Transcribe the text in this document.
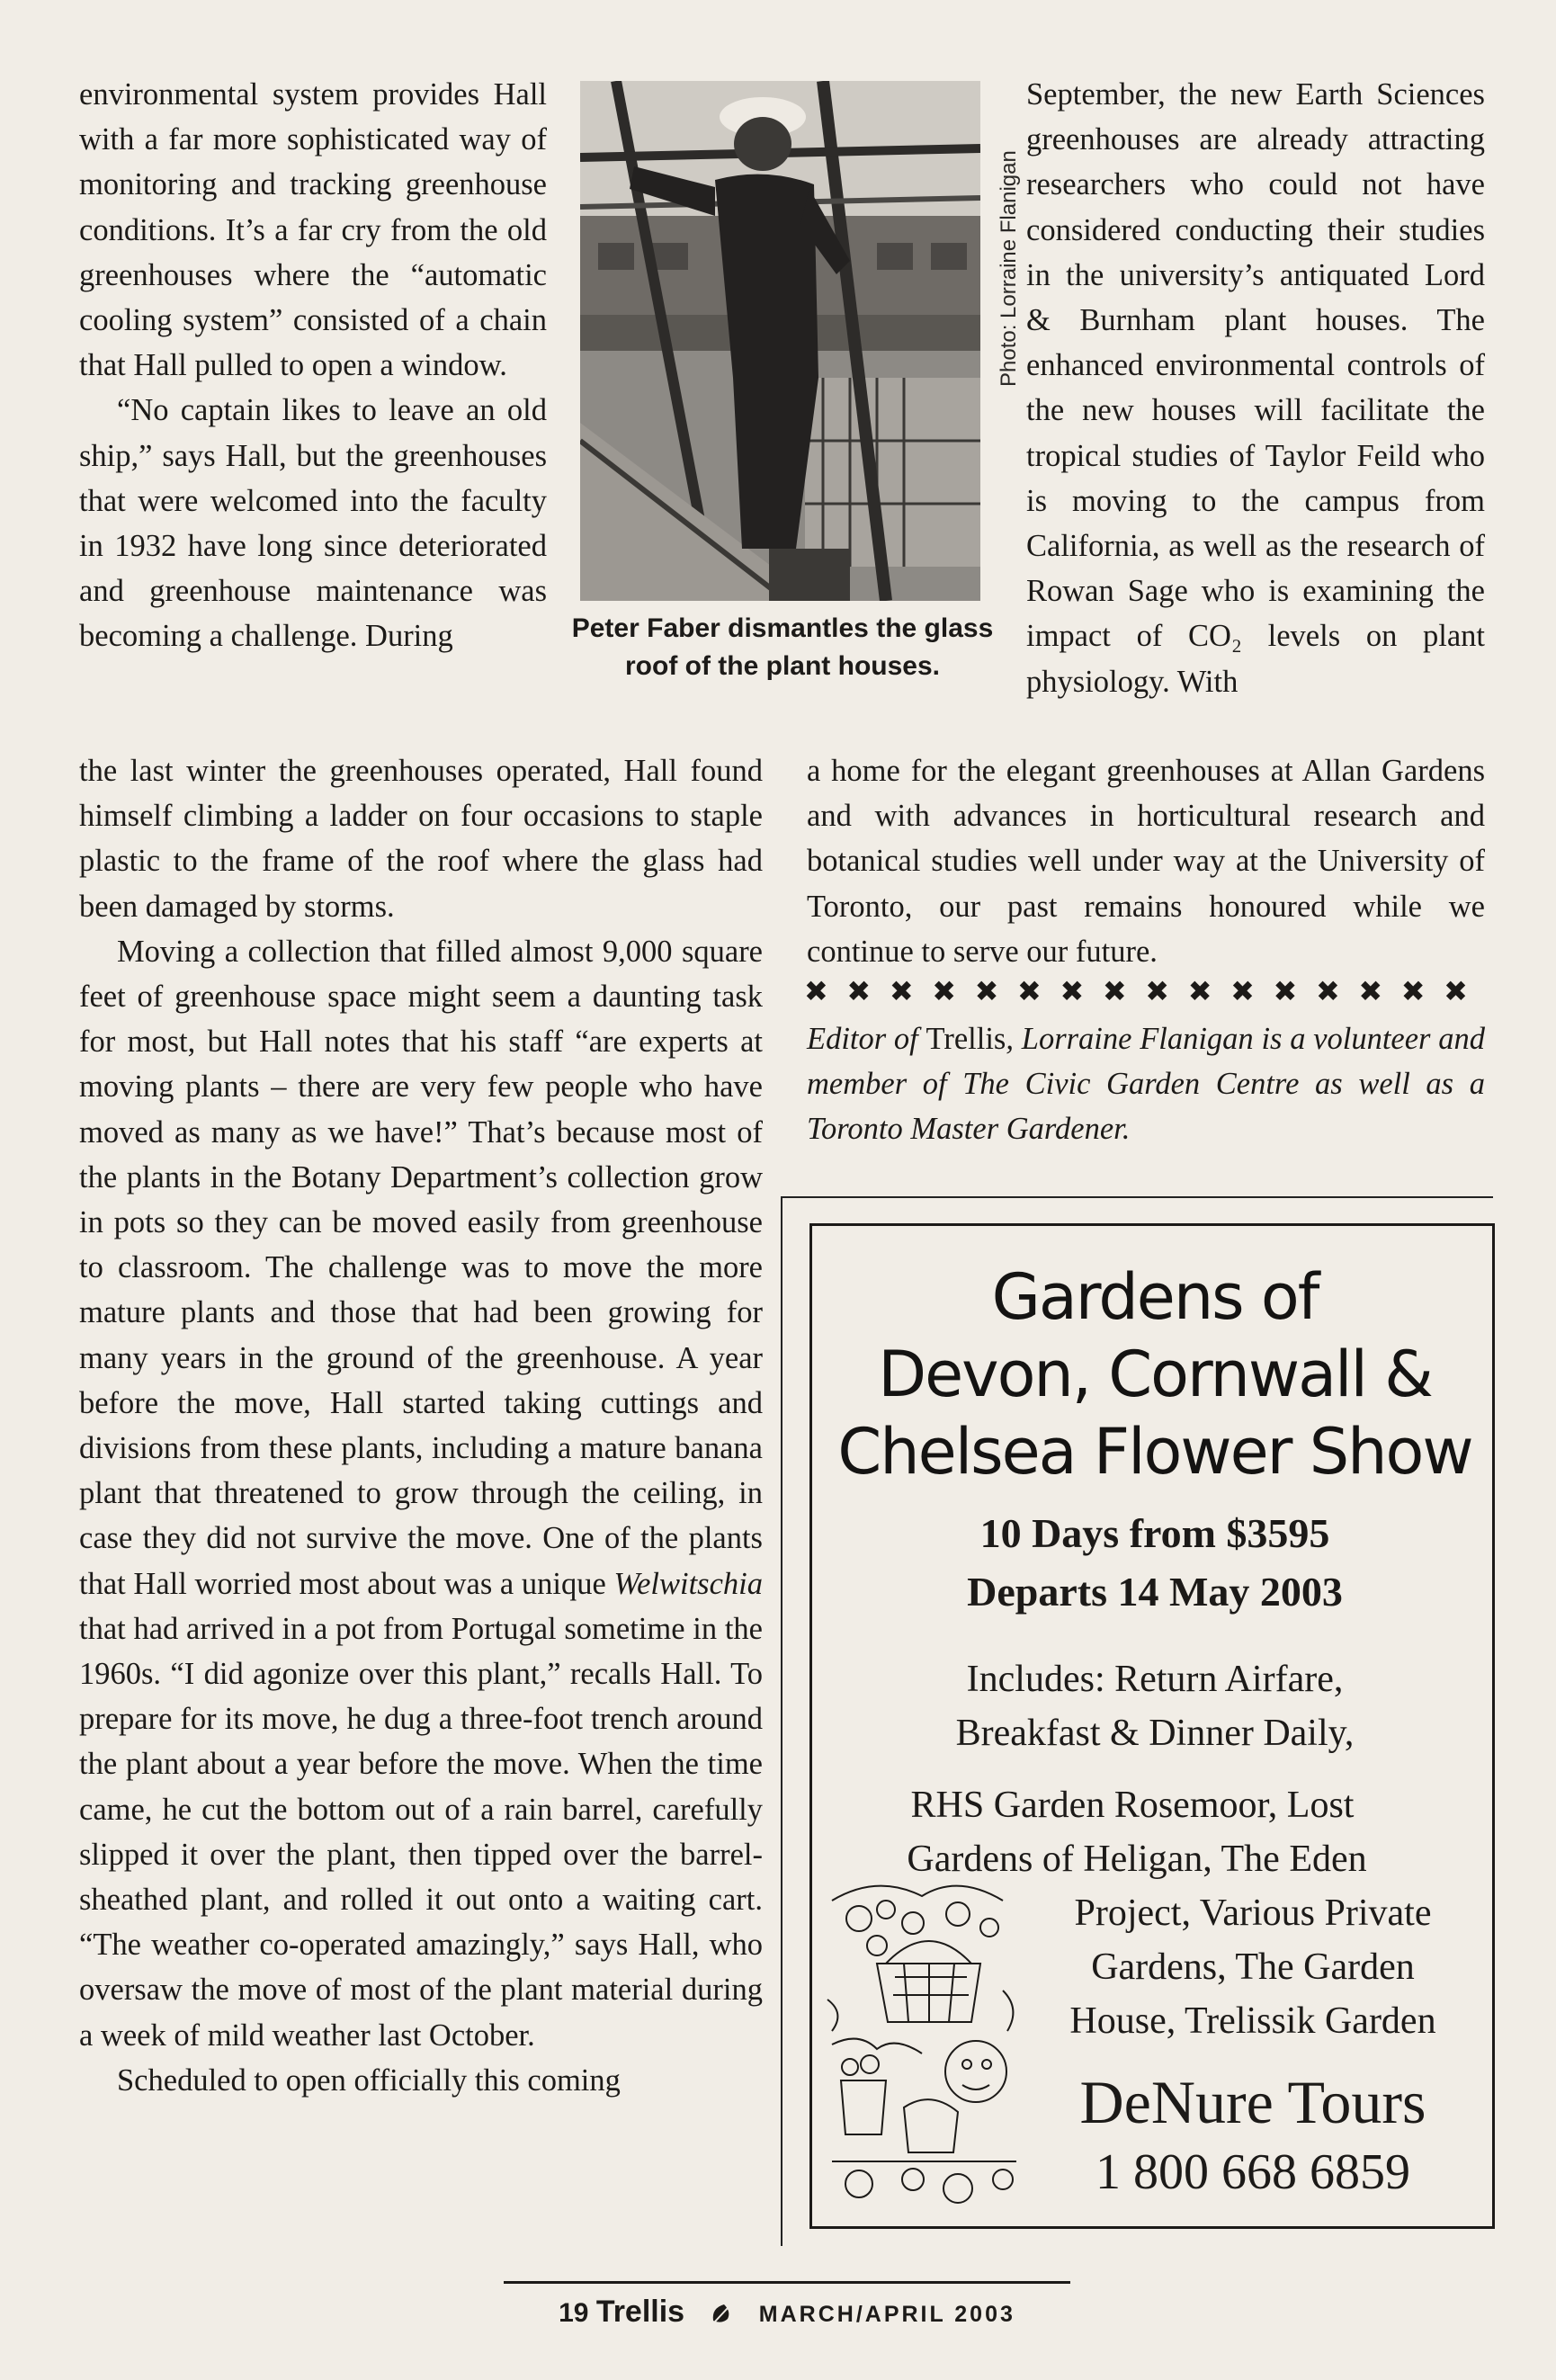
environmental system provides Hall with a far more sophisticated way of monitoring and tracking greenhouse conditions. It’s a far cry from the old greenhouses where the “automatic cooling system” consisted of a chain that Hall pulled to open a window.

“No captain likes to leave an old ship,” says Hall, but the greenhouses that were welcomed into the faculty in 1932 have long since deteriorated and greenhouse maintenance was becoming a challenge. During

Photo: Lorraine Flanigan
Peter Faber dismantles the glass roof of the plant houses.

September, the new Earth Sciences greenhouses are already attracting researchers who could not have considered conducting their studies in the university’s antiquated Lord & Burnham plant houses. The enhanced environmental controls of the new houses will facilitate the tropical studies of Taylor Feild who is moving to the campus from California, as well as the research of Rowan Sage who is examining the impact of CO₂ levels on plant physiology. With

the last winter the greenhouses operated, Hall found himself climbing a ladder on four occasions to staple plastic to the frame of the roof where the glass had been damaged by storms.

Moving a collection that filled almost 9,000 square feet of greenhouse space might seem a daunting task for most, but Hall notes that his staff “are experts at moving plants – there are very few people who have moved as many as we have!” That’s because most of the plants in the Botany Department’s collection grow in pots so they can be moved easily from greenhouse to classroom. The challenge was to move the more mature plants and those that had been growing for many years in the ground of the greenhouse. A year before the move, Hall started taking cuttings and divisions from these plants, including a mature banana plant that threatened to grow through the ceiling, in case they did not survive the move. One of the plants that Hall worried most about was a unique Welwitschia that had arrived in a pot from Portugal sometime in the 1960s. “I did agonize over this plant,” recalls Hall. To prepare for its move, he dug a three-foot trench around the plant about a year before the move. When the time came, he cut the bottom out of a rain barrel, carefully slipped it over the plant, then tipped over the barrel-sheathed plant, and rolled it out onto a waiting cart. “The weather co-operated amazingly,” says Hall, who oversaw the move of most of the plant material during a week of mild weather last October.

Scheduled to open officially this coming

a home for the elegant greenhouses at Allan Gardens and with advances in horticultural research and botanical studies well under way at the University of Toronto, our past remains honoured while we continue to serve our future.

✖ ✖ ✖ ✖ ✖ ✖ ✖ ✖ ✖ ✖ ✖ ✖ ✖ ✖ ✖ ✖
Editor of Trellis, Lorraine Flanigan is a volunteer and member of The Civic Garden Centre as well as a Toronto Master Gardener.
Gardens of
Devon, Cornwall &
Chelsea Flower Show
10 Days from $3595
Departs 14 May 2003
Includes: Return Airfare,
Breakfast & Dinner Daily,
RHS Garden Rosemoor, Lost
Gardens of Heligan, The Eden
Project, Various Private
Gardens, The Garden
House, Trelissik Garden
DeNure Tours
1 800 668 6859
19 Trellis	MARCH/APRIL 2003
